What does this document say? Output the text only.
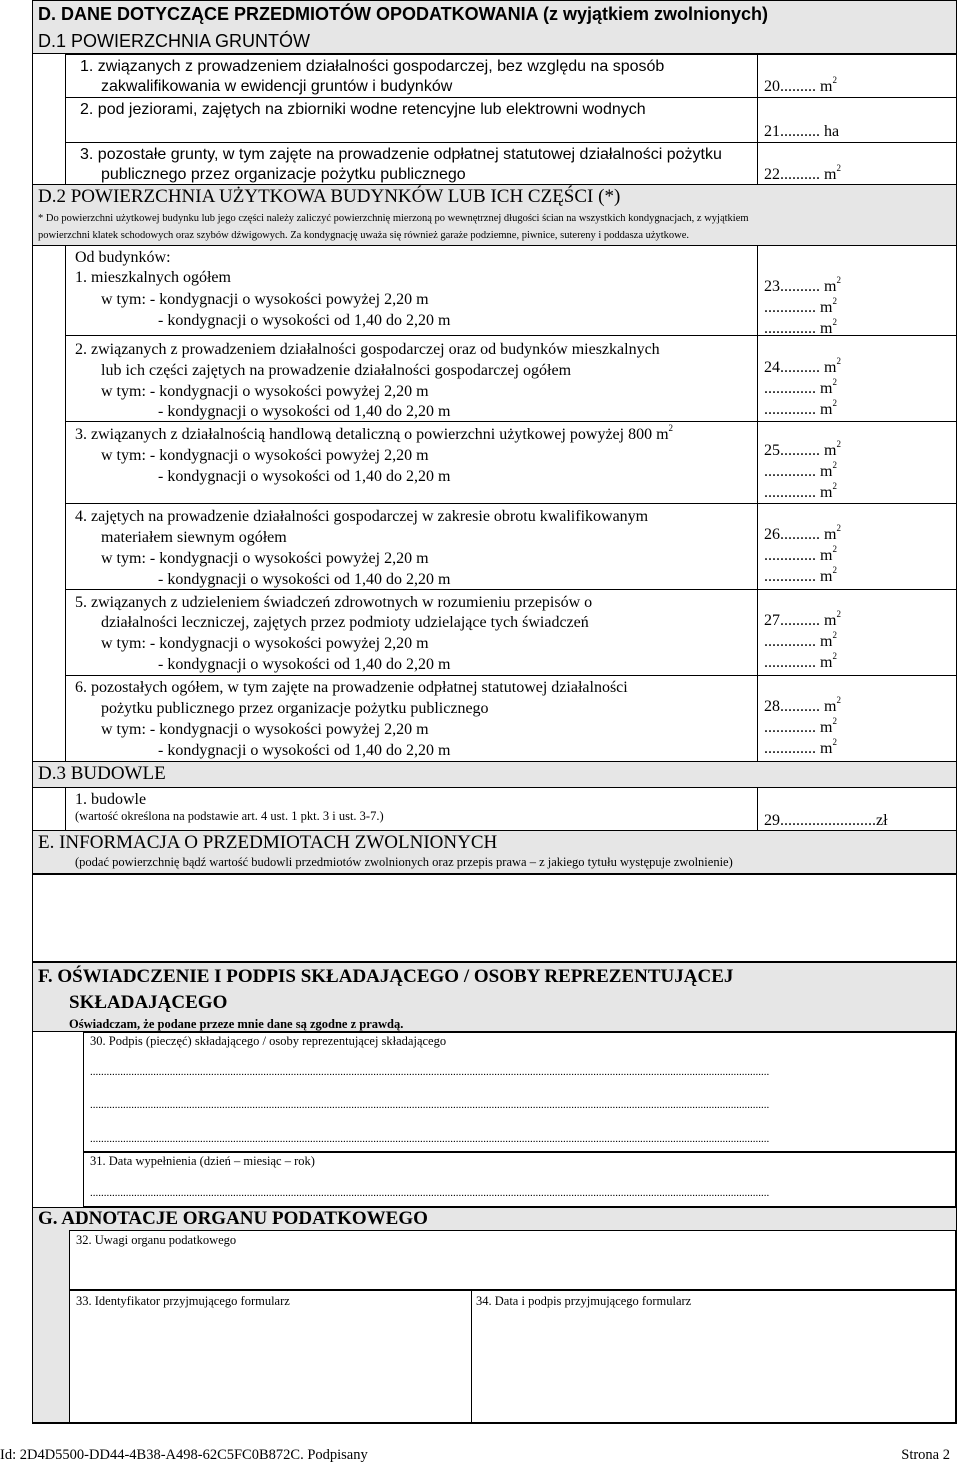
D. DANE DOTYCZĄCE PRZEDMIOTÓW OPODATKOWANIA (z wyjątkiem zwolnionych)
D.1 POWIERZCHNIA GRUNTÓW
1. związanych z prowadzeniem działalności gospodarczej, bez względu na sposób
zakwalifikowania w ewidencji gruntów i budynków	20......... $m^2$
2. pod jeziorami, zajętych na zbiorniki wodne retencyjne lub elektrowni wodnych
21.......... ha
3. pozostałe grunty, w tym zajęte na prowadzenie odpłatnej statutowej działalności pożytku
publicznego przez organizacje pożytku publicznego	22.......... $m^2$
D.2 POWIERZCHNIA UŻYTKOWA BUDYNKÓW LUB ICH CZĘŚCI (*)
* Do powierzchni użytkowej budynku lub jego części należy zaliczyć powierzchnię mierzoną po wewnętrznej długości ścian na wszystkich kondygnacjach, z wyjątkiem
powierzchni klatek schodowych oraz szybów dźwigowych. Za kondygnację uważa się również garaże podziemne, piwnice, sutereny i poddasza użytkowe.
Od budynków:
1. mieszkalnych ogółem
w tym: - kondygnacji o wysokości powyżej 2,20 m
- kondygnacji o wysokości od 1,40 do 2,20 m
23.......... $m^2$
............. $m^2$
............. $m^2$
2. związanych z prowadzeniem działalności gospodarczej oraz od budynków mieszkalnych
lub ich części zajętych na prowadzenie działalności gospodarczej ogółem
w tym: - kondygnacji o wysokości powyżej 2,20 m
- kondygnacji o wysokości od 1,40 do 2,20 m
24.......... $m^2$
............. $m^2$
............. $m^2$
3. związanych z działalnością handlową detaliczną o powierzchni użytkowej powyżej 800 $m^2$
w tym: - kondygnacji o wysokości powyżej 2,20 m
- kondygnacji o wysokości od 1,40 do 2,20 m
25.......... $m^2$
............. $m^2$
............. $m^2$
4. zajętych na prowadzenie działalności gospodarczej w zakresie obrotu kwalifikowanym
materiałem siewnym ogółem
w tym: - kondygnacji o wysokości powyżej 2,20 m
- kondygnacji o wysokości od 1,40 do 2,20 m
26.......... $m^2$
............. $m^2$
............. $m^2$
5. związanych z udzieleniem świadczeń zdrowotnych w rozumieniu przepisów o
działalności leczniczej, zajętych przez podmioty udzielające tych świadczeń
w tym: - kondygnacji o wysokości powyżej 2,20 m
- kondygnacji o wysokości od 1,40 do 2,20 m
27.......... $m^2$
............. $m^2$
............. $m^2$
6. pozostałych ogółem, w tym zajęte na prowadzenie odpłatnej statutowej działalności
pożytku publicznego przez organizacje pożytku publicznego
w tym: - kondygnacji o wysokości powyżej 2,20 m
- kondygnacji o wysokości od 1,40 do 2,20 m
28.......... $m^2$
............. $m^2$
............. $m^2$
D.3 BUDOWLE
1. budowle
(wartość określona na podstawie art. 4 ust. 1 pkt. 3 i ust. 3-7.)	29........................zł
E. INFORMACJA O PRZEDMIOTACH ZWOLNIONYCH
(podać powierzchnię bądź wartość budowli przedmiotów zwolnionych oraz przepis prawa – z jakiego tytułu występuje zwolnienie)
F. OŚWIADCZENIE I PODPIS SKŁADAJĄCEGO / OSOBY REPREZENTUJĄCEJ
SKŁADAJĄCEGO
Oświadczam, że podane przeze mnie dane są zgodne z prawdą.
30. Podpis (pieczęć) składającego / osoby reprezentującej składającego
.......................................................................................................................................................................................................................................................
.......................................................................................................................................................................................................................................................
.......................................................................................................................................................................................................................................................
31. Data wypełnienia (dzień – miesiąc – rok)
.......................................................................................................................................................................................................................................................
G. ADNOTACJE ORGANU PODATKOWEGO
32. Uwagi organu podatkowego
33. Identyfikator przyjmującego formularz	34. Data i podpis przyjmującego formularz
Id: 2D4D5500-DD44-4B38-A498-62C5FC0B872C. Podpisany	Strona 2
